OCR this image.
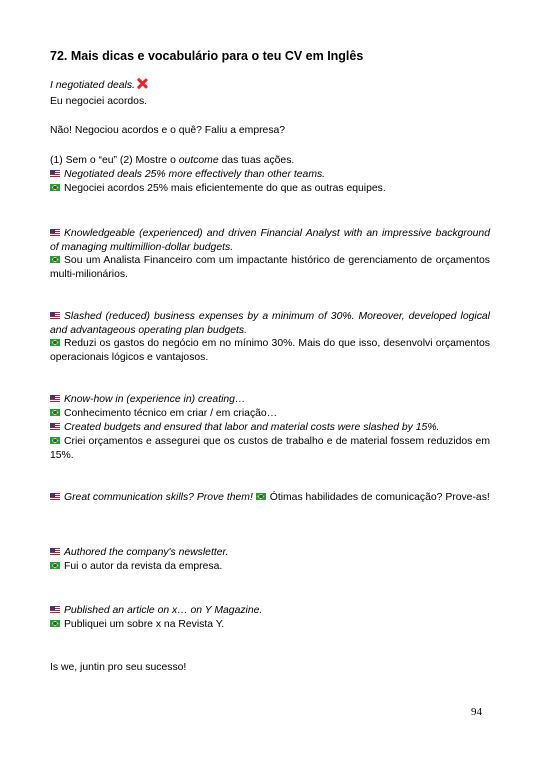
72. Mais dicas e vocabulário para o teu CV em Inglês
I negotiated deals.
Eu negociei acordos.
Não! Negociou acordos e o quê? Faliu a empresa?
(1) Sem o “eu” (2) Mostre o outcome das tuas ações.
Negotiated deals 25% more effectively than other teams.
Negociei acordos 25% mais eficientemente do que as outras equipes.
Knowledgeable (experienced) and driven Financial Analyst with an impressive background of managing multimillion-dollar budgets.
Sou um Analista Financeiro com um impactante histórico de gerenciamento de orçamentos multi-milionários.
Slashed (reduced) business expenses by a minimum of 30%. Moreover, developed logical and advantageous operating plan budgets.
Reduzi os gastos do negócio em no mínimo 30%. Mais do que isso, desenvolvi orçamentos operacionais lógicos e vantajosos.
Know-how in (experience in) creating…
Conhecimento técnico em criar / em criação…
Created budgets and ensured that labor and material costs were slashed by 15%.
Criei orçamentos e assegurei que os custos de trabalho e de material fossem reduzidos em 15%.
Great communication skills? Prove them! Ótimas habilidades de comunicação? Prove-as!
Authored the company's newsletter.
Fui o autor da revista da empresa.
Published an article on x… on Y Magazine.
Publiquei um sobre x na Revista Y.
Is we, juntin pro seu sucesso!
94
